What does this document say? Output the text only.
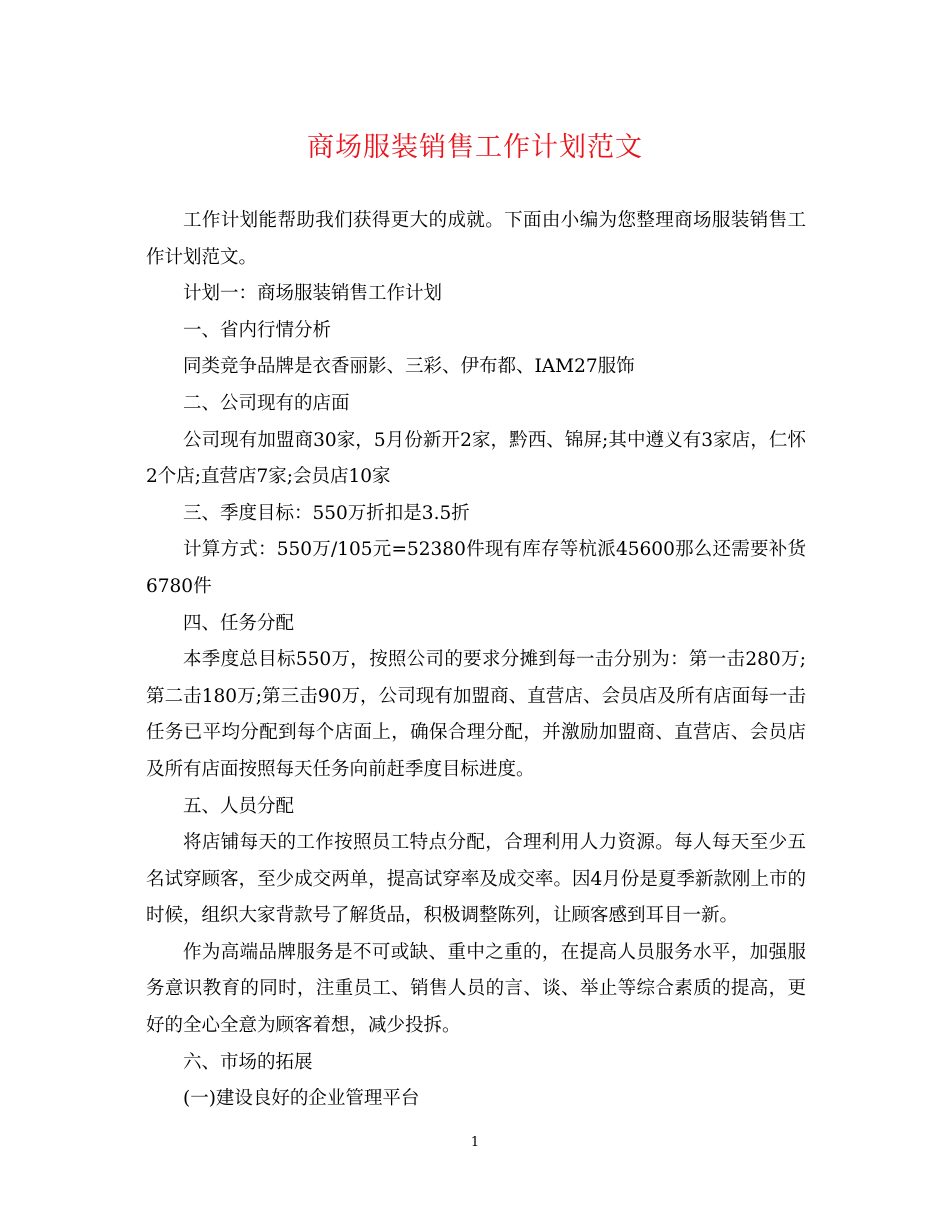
商场服装销售工作计划范文

工作计划能帮助我们获得更大的成就。下面由小编为您整理商场服装销售工作计划范文。

计划一：商场服装销售工作计划

一、省内行情分析

同类竞争品牌是衣香丽影、三彩、伊布都、IAM27服饰

二、公司现有的店面

公司现有加盟商30家，5月份新开2家，黔西、锦屏;其中遵义有3家店，仁怀2个店;直营店7家;会员店10家

三、季度目标：550万折扣是3.5折

计算方式：550万/105元=52380件现有库存等杭派45600那么还需要补货6780件

四、任务分配

本季度总目标550万，按照公司的要求分摊到每一击分别为：第一击280万;第二击180万;第三击90万，公司现有加盟商、直营店、会员店及所有店面每一击任务已平均分配到每个店面上，确保合理分配，并激励加盟商、直营店、会员店及所有店面按照每天任务向前赶季度目标进度。

五、人员分配

将店铺每天的工作按照员工特点分配，合理利用人力资源。每人每天至少五名试穿顾客，至少成交两单，提高试穿率及成交率。因4月份是夏季新款刚上市的时候，组织大家背款号了解货品，积极调整陈列，让顾客感到耳目一新。

作为高端品牌服务是不可或缺、重中之重的，在提高人员服务水平，加强服务意识教育的同时，注重员工、销售人员的言、谈、举止等综合素质的提高，更好的全心全意为顾客着想，减少投拆。

六、市场的拓展

(一)建设良好的企业管理平台

1
